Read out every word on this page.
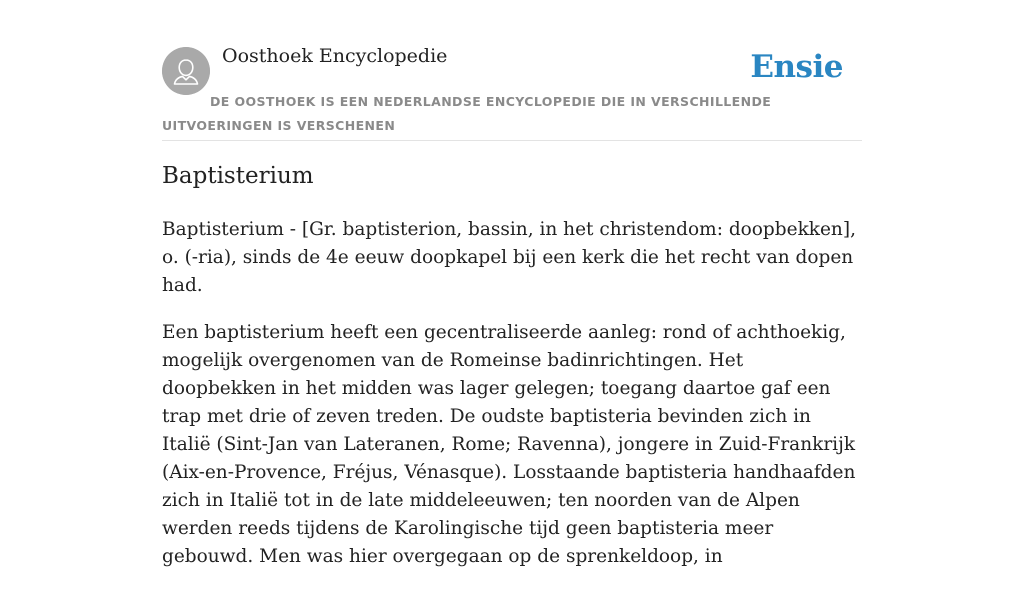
Oosthoek Encyclopedie	Ensie
DE OOSTHOEK IS EEN NEDERLANDSE ENCYCLOPEDIE DIE IN VERSCHILLENDE UITVOERINGEN IS VERSCHENEN
Baptisterium

Baptisterium - [Gr. baptisterion, bassin, in het christendom: doopbekken], o. (-ria), sinds de 4e eeuw doopkapel bij een kerk die het recht van dopen had.

Een baptisterium heeft een gecentraliseerde aanleg: rond of achthoekig, mogelijk overgenomen van de Romeinse badinrichtingen. Het doopbekken in het midden was lager gelegen; toegang daartoe gaf een trap met drie of zeven treden. De oudste baptisteria bevinden zich in Italië (Sint-Jan van Lateranen, Rome; Ravenna), jongere in Zuid-Frankrijk (Aix-en-Provence, Fréjus, Vénasque). Losstaande baptisteria handhaafden zich in Italië tot in de late middeleeuwen; ten noorden van de Alpen werden reeds tijdens de Karolingische tijd geen baptisteria meer gebouwd. Men was hier overgegaan op de sprenkeldoop, in
